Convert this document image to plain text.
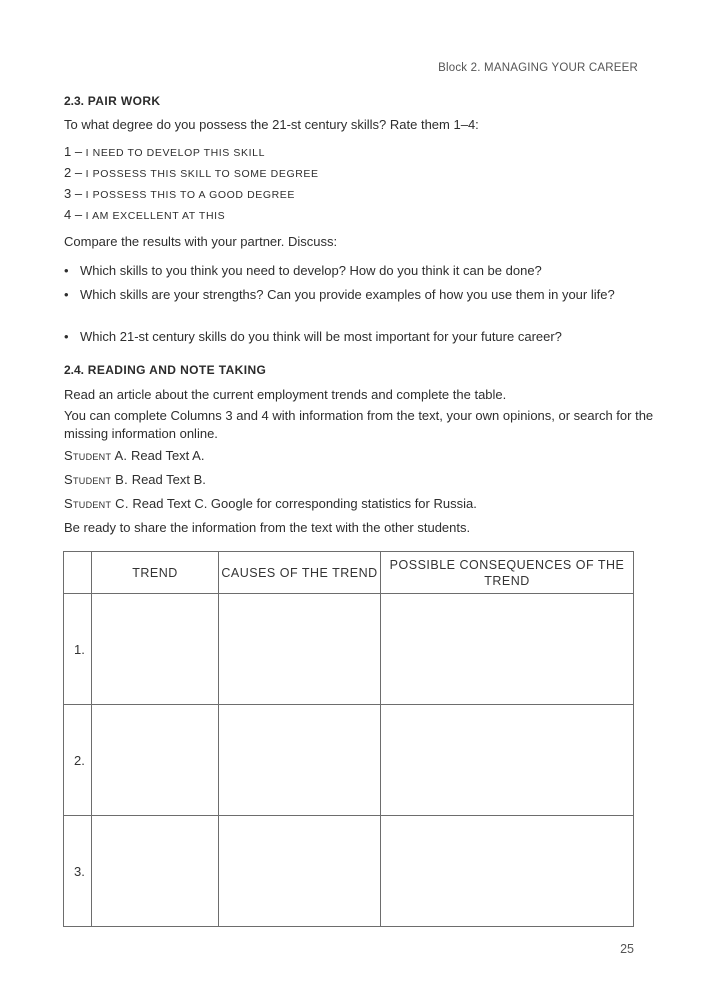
Block 2. MANAGING YOUR CAREER
2.3. PAIR WORK
To what degree do you possess the 21-st century skills? Rate them 1–4:
1 – I NEED TO DEVELOP THIS SKILL
2 – I POSSESS THIS SKILL TO SOME DEGREE
3 – I POSSESS THIS TO A GOOD DEGREE
4 – I AM EXCELLENT AT THIS
Compare the results with your partner. Discuss:
• Which skills to you think you need to develop? How do you think it can be done?
• Which skills are your strengths? Can you provide examples of how you use them in your life?
• Which 21-st century skills do you think will be most important for your future career?
2.4. READING AND NOTE TAKING
Read an article about the current employment trends and complete the table.
You can complete Columns 3 and 4 with information from the text, your own opinions, or search for the missing information online.
Student A. Read Text A.
Student B. Read Text B.
Student C. Read Text C. Google for corresponding statistics for Russia.
Be ready to share the information from the text with the other students.
	TREND	CAUSES OF THE TREND	POSSIBLE CONSEQUENCES OF THE TREND
1.			
2.			
3.			
25
